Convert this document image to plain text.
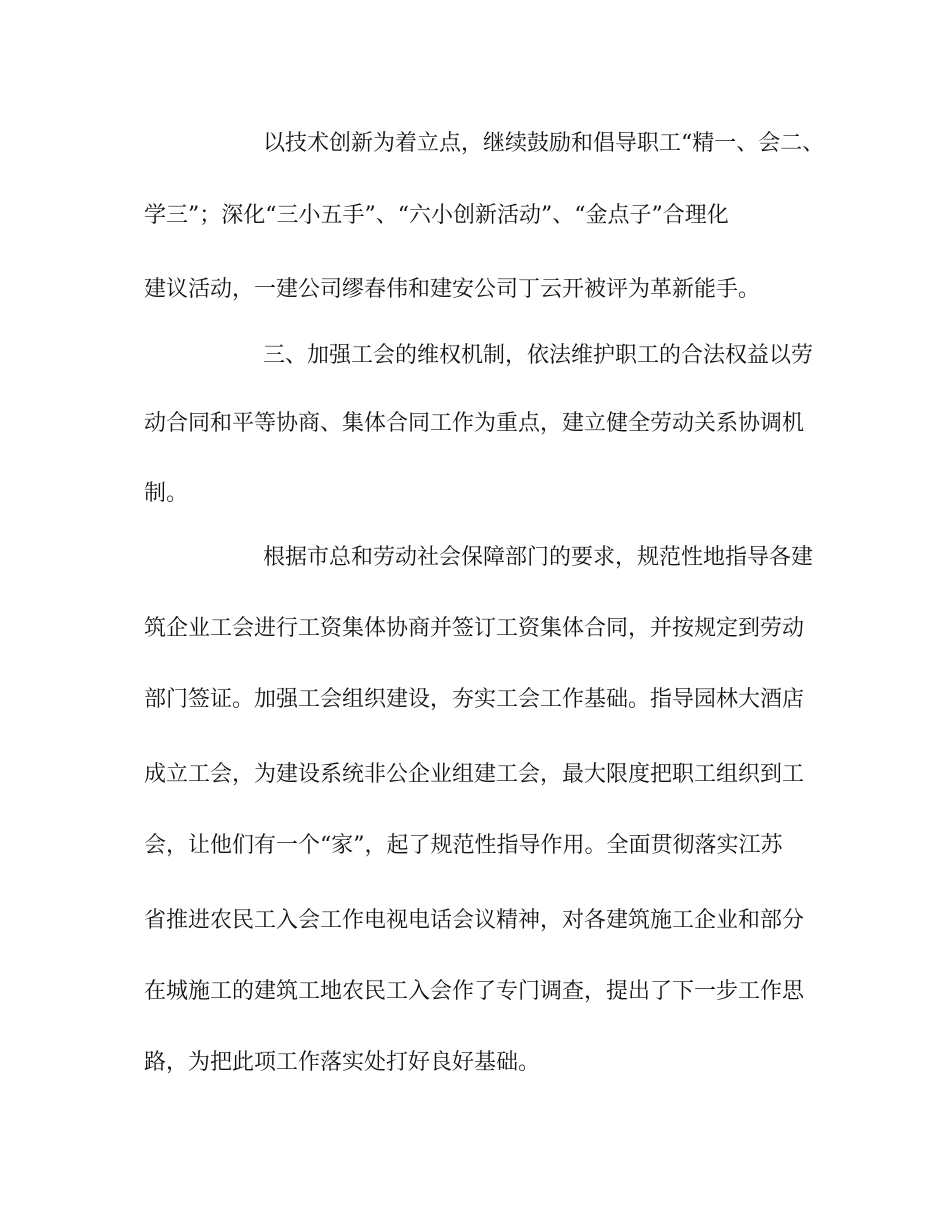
以技术创新为着立点，继续鼓励和倡导职工“精一、会二、
学三”；深化“三小五手”、“六小创新活动”、“金点子”合理化
建议活动，一建公司缪春伟和建安公司丁云开被评为革新能手。
三、加强工会的维权机制，依法维护职工的合法权益以劳
动合同和平等协商、集体合同工作为重点，建立健全劳动关系协调机
制。
根据市总和劳动社会保障部门的要求，规范性地指导各建
筑企业工会进行工资集体协商并签订工资集体合同，并按规定到劳动
部门签证。加强工会组织建设，夯实工会工作基础。指导园林大酒店
成立工会，为建设系统非公企业组建工会，最大限度把职工组织到工
会，让他们有一个“家”，起了规范性指导作用。全面贯彻落实江苏
省推进农民工入会工作电视电话会议精神，对各建筑施工企业和部分
在城施工的建筑工地农民工入会作了专门调查，提出了下一步工作思
路，为把此项工作落实处打好良好基础。
